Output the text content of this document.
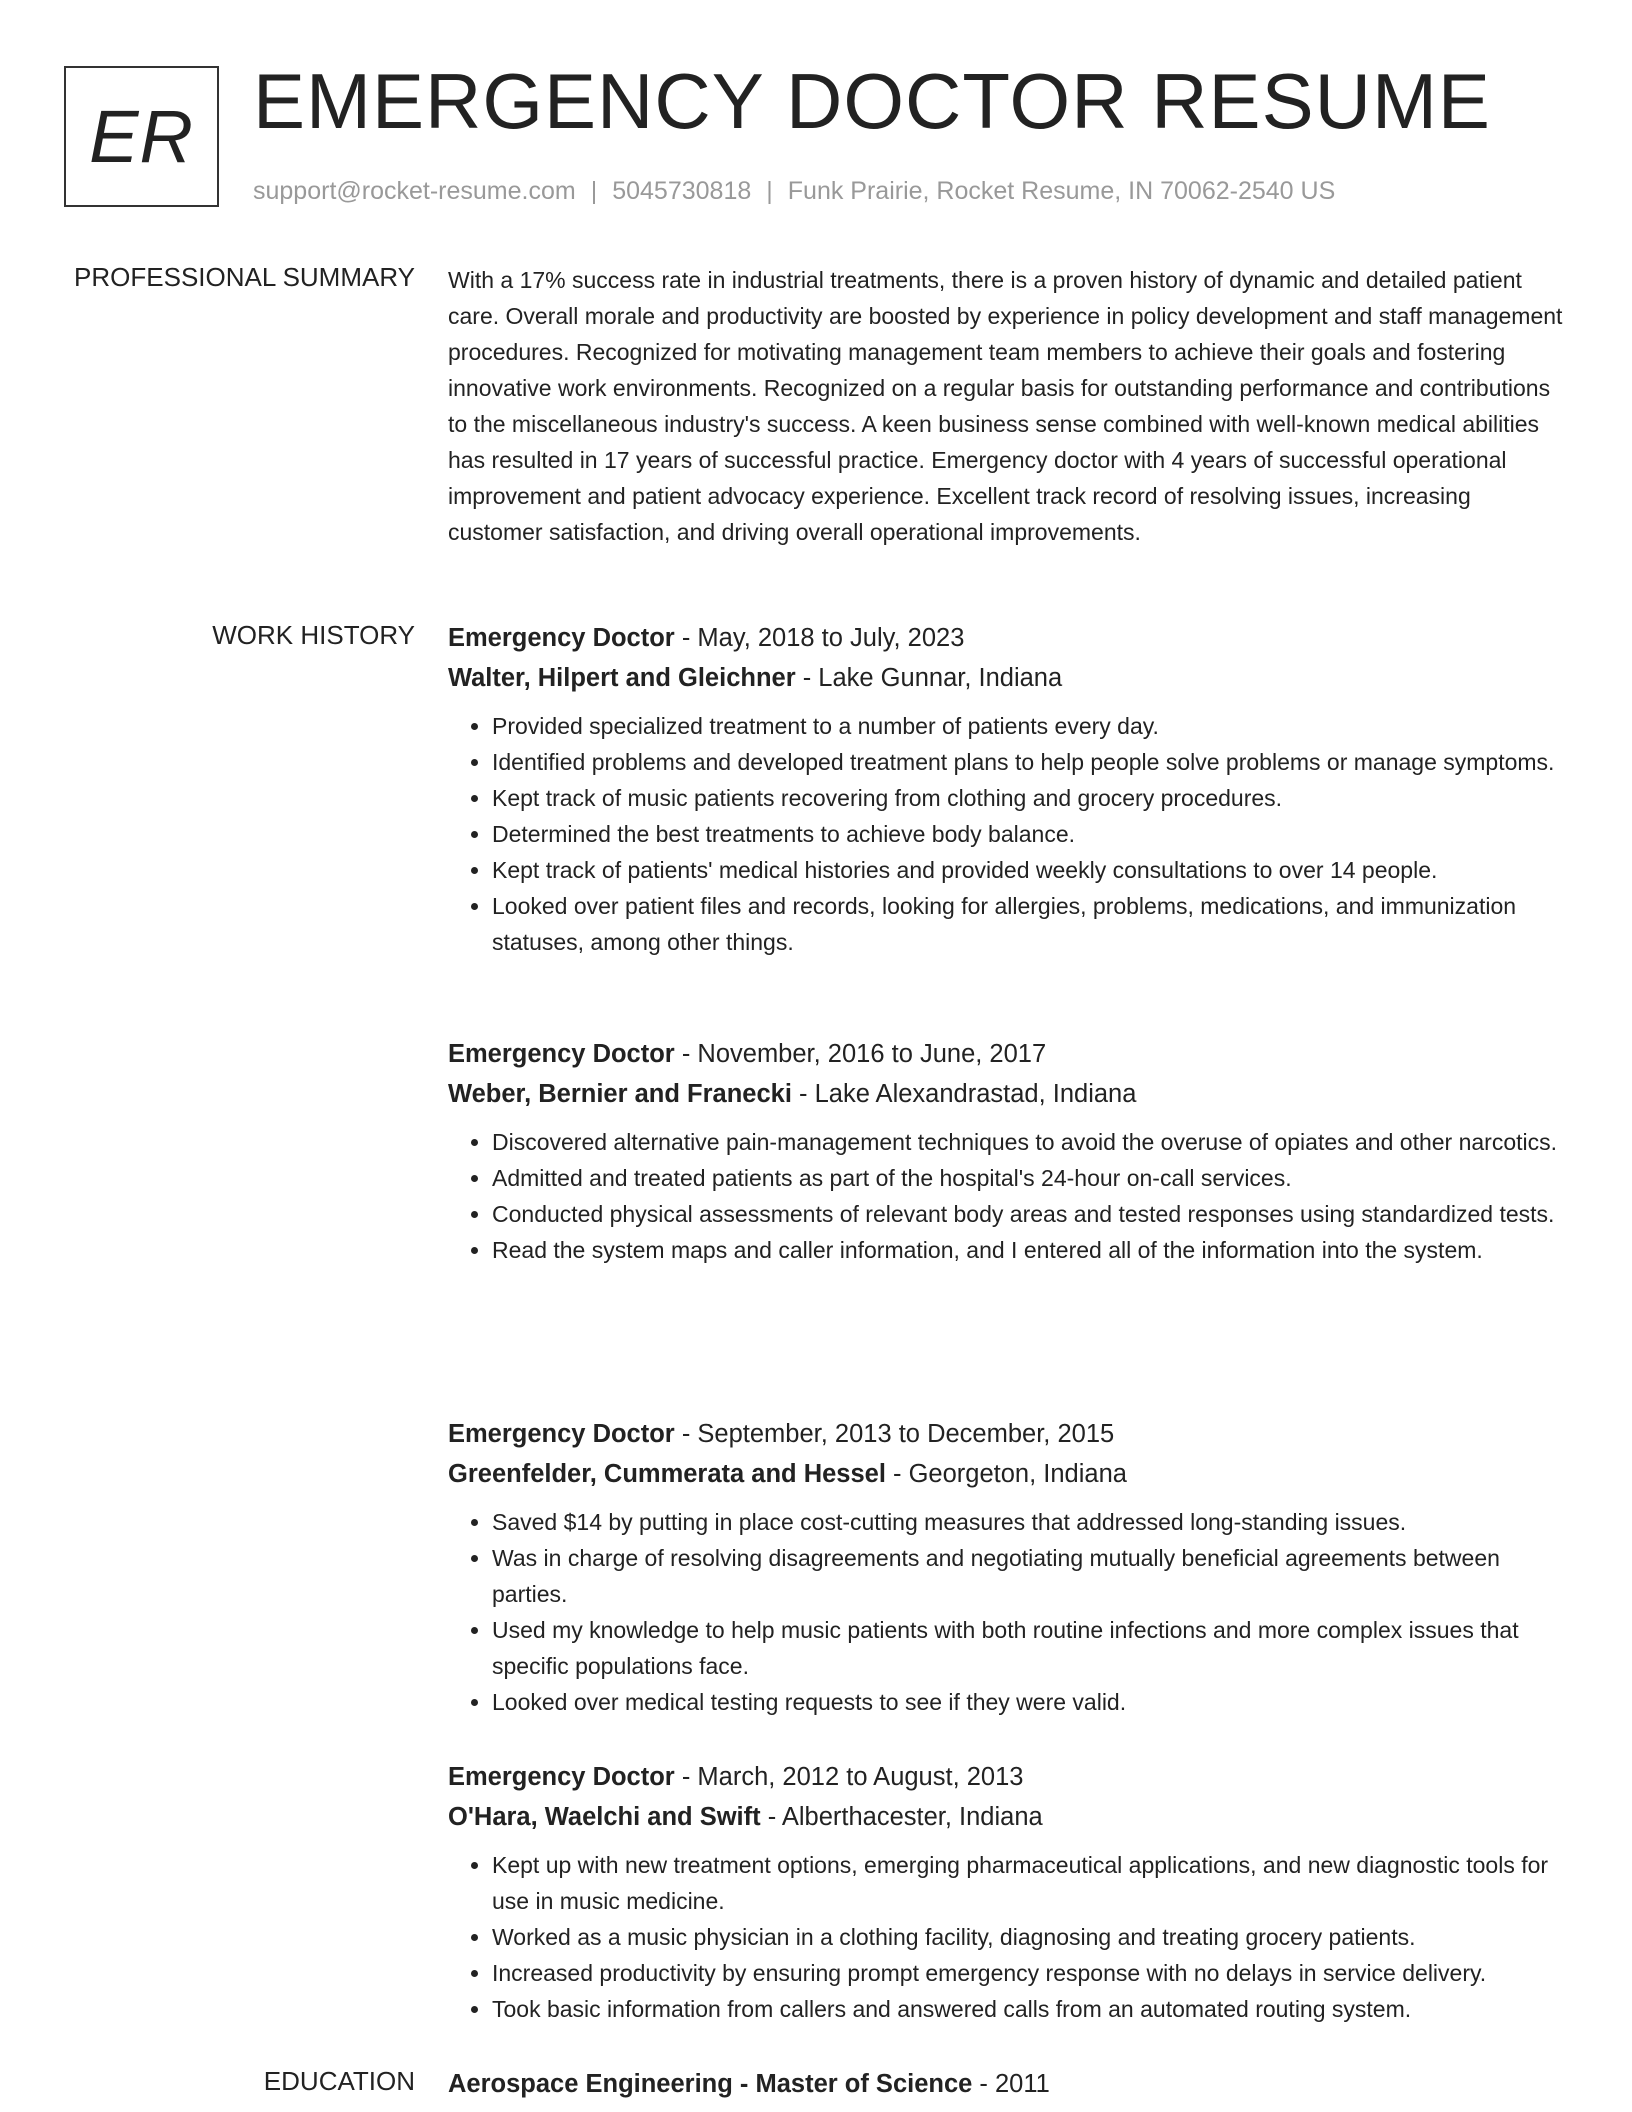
ER EMERGENCY DOCTOR RESUME
support@rocket-resume.com | 5045730818 | Funk Prairie, Rocket Resume, IN 70062-2540 US
PROFESSIONAL SUMMARY With a 17% success rate in industrial treatments, there is a proven history of dynamic and detailed patient care. Overall morale and productivity are boosted by experience in policy development and staff management procedures. Recognized for motivating management team members to achieve their goals and fostering innovative work environments. Recognized on a regular basis for outstanding performance and contributions to the miscellaneous industry's success. A keen business sense combined with well-known medical abilities has resulted in 17 years of successful practice. Emergency doctor with 4 years of successful operational improvement and patient advocacy experience. Excellent track record of resolving issues, increasing customer satisfaction, and driving overall operational improvements.

WORK HISTORY Emergency Doctor - May, 2018 to July, 2023
Walter, Hilpert and Gleichner - Lake Gunnar, Indiana
• Provided specialized treatment to a number of patients every day.
• Identified problems and developed treatment plans to help people solve problems or manage symptoms.
• Kept track of music patients recovering from clothing and grocery procedures.
• Determined the best treatments to achieve body balance.
• Kept track of patients' medical histories and provided weekly consultations to over 14 people.
• Looked over patient files and records, looking for allergies, problems, medications, and immunization statuses, among other things.
Emergency Doctor - November, 2016 to June, 2017
Weber, Bernier and Franecki - Lake Alexandrastad, Indiana
• Discovered alternative pain-management techniques to avoid the overuse of opiates and other narcotics.
• Admitted and treated patients as part of the hospital's 24-hour on-call services.
• Conducted physical assessments of relevant body areas and tested responses using standardized tests.
• Read the system maps and caller information, and I entered all of the information into the system.
Emergency Doctor - September, 2013 to December, 2015
Greenfelder, Cummerata and Hessel - Georgeton, Indiana
• Saved $14 by putting in place cost-cutting measures that addressed long-standing issues.
• Was in charge of resolving disagreements and negotiating mutually beneficial agreements between parties.
• Used my knowledge to help music patients with both routine infections and more complex issues that specific populations face.
• Looked over medical testing requests to see if they were valid.
Emergency Doctor - March, 2012 to August, 2013
O'Hara, Waelchi and Swift - Alberthacester, Indiana
• Kept up with new treatment options, emerging pharmaceutical applications, and new diagnostic tools for use in music medicine.
• Worked as a music physician in a clothing facility, diagnosing and treating grocery patients.
• Increased productivity by ensuring prompt emergency response with no delays in service delivery.
• Took basic information from callers and answered calls from an automated routing system.
EDUCATION Aerospace Engineering - Master of Science - 2011
